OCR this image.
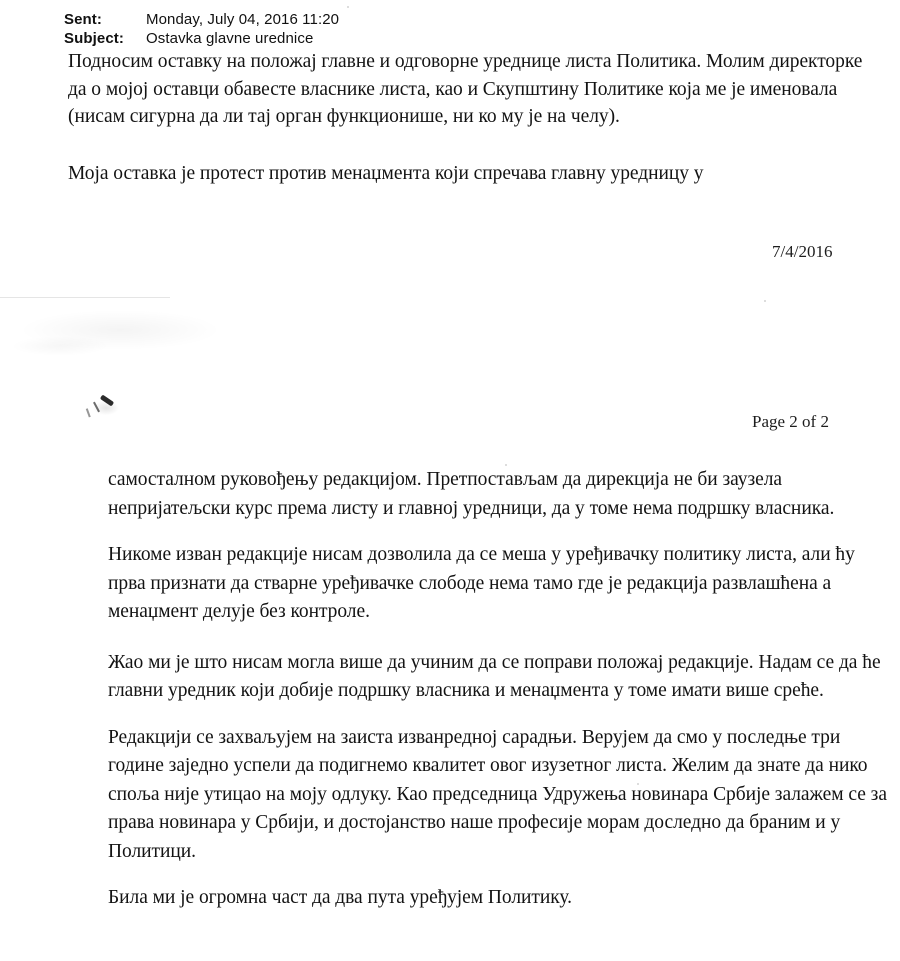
Sent:	Monday, July 04, 2016 11:20
Subject:	Ostavka glavne urednice
Подносим оставку на положај главне и одговорне уреднице листа Политика. Молим директорке да о мојој оставци обавесте власнике листа, као и Скупштину Политике која ме је именовала (нисам сигурна да ли тај орган функционише, ни ко му је на челу).
Моја оставка је протест против менаџмента који спречава главну уредницу у
7/4/2016
Page 2 of 2

самосталном руковођењу редакцијом. Претпостављам да дирекција не би заузела непријатељски курс према листу и главној уредници, да у томе нема подршку власника.

Никоме изван редакције нисам дозволила да се меша у уређивачку политику листа, али ћу прва признати да стварне уређивачке слободе нема тамо где је редакција развлашћена а менаџмент делује без контроле.

Жао ми је што нисам могла више да учиним да се поправи положај редакције. Надам се да ће главни уредник који добије подршку власника и менаџмента у томе имати више среће.

Редакцији се захваљујем на заиста изванредној сарадњи. Верујем да смо у последње три године заједно успели да подигнемо квалитет овог изузетног листа. Желим да знате да нико споља није утицао на моју одлуку. Као председница Удружења новинара Србије залажем се за права новинара у Србији, и достојанство наше професије морам доследно да браним и у Политици.

Била ми је огромна част да два пута уређујем Политику.
